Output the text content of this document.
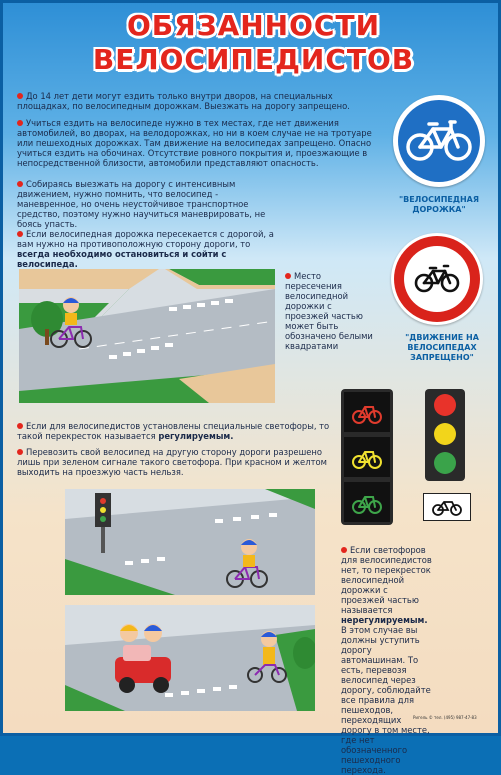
ОБЯЗАННОСТИ
ВЕЛОСИПЕДИСТОВ
До 14 лет дети могут ездить только внутри дворов, на специальных площадках, по велосипедным дорожкам. Выезжать на дорогу запрещено.
Учиться ездить на велосипеде нужно в тех местах, где нет движения автомобилей, во дворах, на велодорожках, но ни в коем случае не на тротуаре или пешеходных дорожках. Там движение на велосипедах запрещено. Опасно учиться ездить на обочинах. Отсутствие ровного покрытия и, проезжающие в непосредственной близости, автомобили представляют опасность.
Собираясь выезжать на дорогу с интенсивным движением, нужно помнить, что велосипед - маневренное, но очень неустойчивое транспортное средство, поэтому нужно научиться маневрировать, не боясь упасть.
Если велосипедная дорожка пересекается с дорогой, а вам нужно на противоположную сторону дороги, то всегда необходимо остановиться и сойти с велосипеда.
"ВЕЛОСИПЕДНАЯ ДОРОЖКА"
"ДВИЖЕНИЕ НА ВЕЛОСИПЕДАХ ЗАПРЕЩЕНО"
Место пересечения велосипедной дорожки с проезжей частью может быть обозначено белыми квадратами
Если для велосипедистов установлены специальные светофоры, то такой перекресток называется регулируемым.
Перевозить свой велосипед на другую сторону дороги разрешено лишь при зеленом сигнале такого светофора. При красном и желтом выходить на проезжую часть нельзя.
Если светофоров для велосипедистов нет, то перекресток велосипедной дорожки с проезжей частью называется нерегулируемым. В этом случае вы должны уступить дорогу автомашинам. То есть, перевозя велосипед через дорогу, соблюдайте все правила для пешеходов, переходящих дорогу в том месте, где нет обозначенного пешеходного перехода.
Ригель © тел. (495) 987-47-83
